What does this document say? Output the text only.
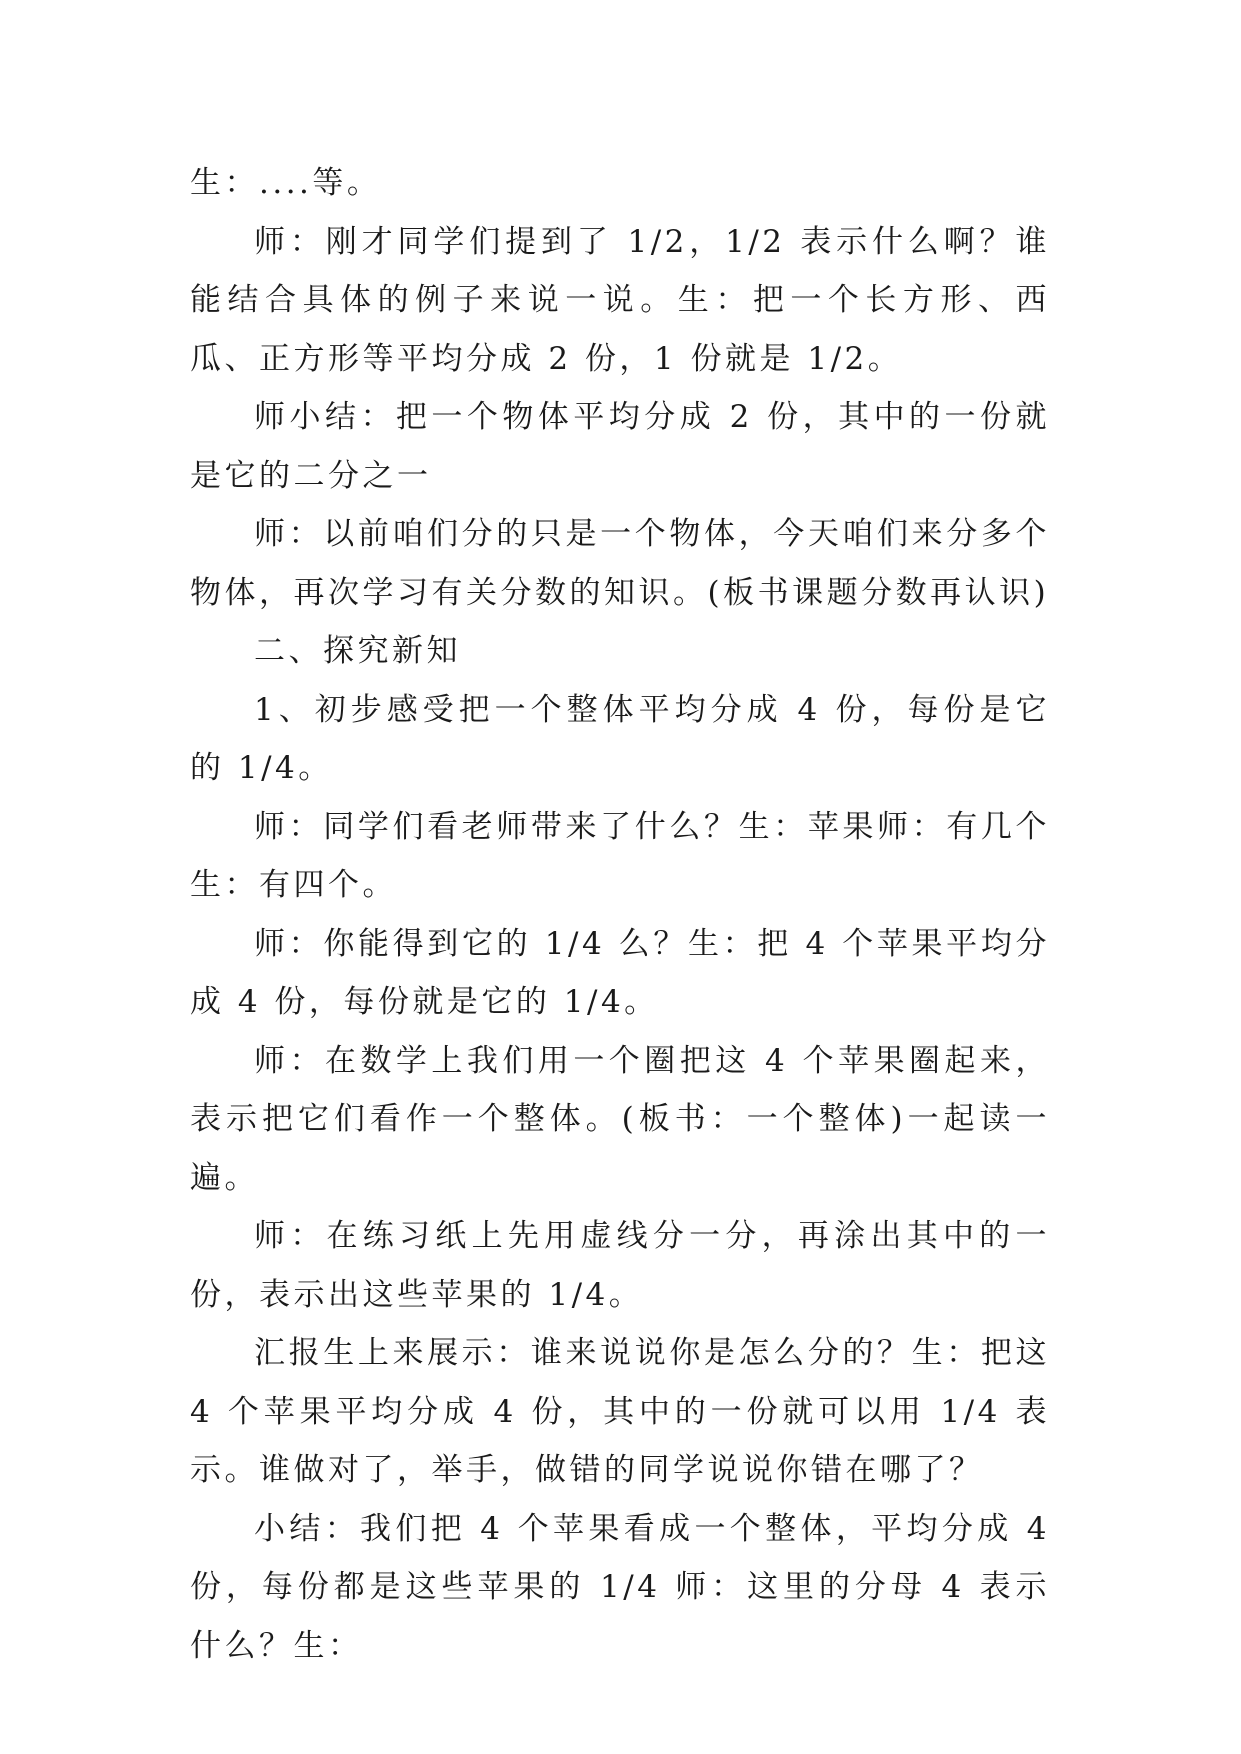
生：....等。

师：刚才同学们提到了 1/2，1/2 表示什么啊？谁能结合具体的例子来说一说。生：把一个长方形、西瓜、正方形等平均分成 2 份，1 份就是 1/2。

师小结：把一个物体平均分成 2 份，其中的一份就是它的二分之一

师：以前咱们分的只是一个物体，今天咱们来分多个物体，再次学习有关分数的知识。(板书课题分数再认识)

二、探究新知

1、初步感受把一个整体平均分成 4 份，每份是它的 1/4。

师：同学们看老师带来了什么？生：苹果师：有几个生：有四个。

师：你能得到它的 1/4 么？生：把 4 个苹果平均分成 4 份，每份就是它的 1/4。

师：在数学上我们用一个圈把这 4 个苹果圈起来，表示把它们看作一个整体。(板书：一个整体)一起读一遍。

师：在练习纸上先用虚线分一分，再涂出其中的一份，表示出这些苹果的 1/4。

汇报生上来展示：谁来说说你是怎么分的？生：把这 4 个苹果平均分成 4 份，其中的一份就可以用 1/4 表示。谁做对了，举手，做错的同学说说你错在哪了？

小结：我们把 4 个苹果看成一个整体，平均分成 4 份，每份都是这些苹果的 1/4 师：这里的分母 4 表示什么？生：
